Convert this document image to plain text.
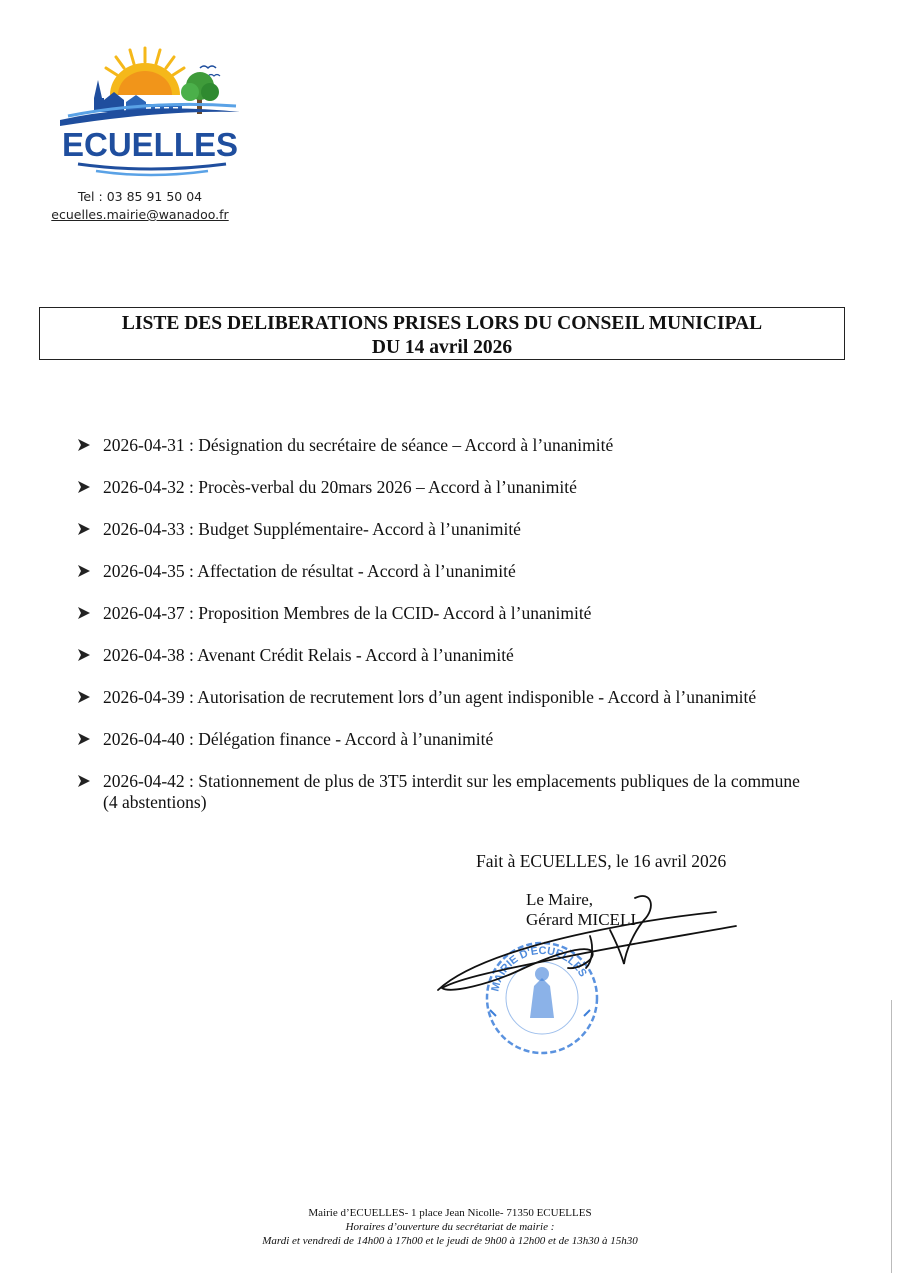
ECUELLES
Tel : 03 85 91 50 04
ecuelles.mairie@wanadoo.fr
LISTE DES DELIBERATIONS PRISES LORS DU CONSEIL MUNICIPAL
DU 14 avril 2026
2026-04-31 : Désignation du secrétaire de séance – Accord à l’unanimité
2026-04-32 : Procès-verbal du 20mars 2026 – Accord à l’unanimité
2026-04-33 : Budget Supplémentaire- Accord à l’unanimité
2026-04-35 : Affectation de résultat - Accord à l’unanimité
2026-04-37 : Proposition Membres de la CCID- Accord à l’unanimité
2026-04-38 : Avenant Crédit Relais - Accord à l’unanimité
2026-04-39 : Autorisation de recrutement lors d’un agent indisponible - Accord à l’unanimité
2026-04-40 : Délégation finance - Accord à l’unanimité
2026-04-42 : Stationnement de plus de 3T5 interdit sur les emplacements publiques de la commune
(4 abstentions)
Fait à ECUELLES, le 16 avril 2026
Le Maire,
Gérard MICELI
MAIRIE D'ECUELLES
Mairie d’ECUELLES- 1 place Jean Nicolle- 71350 ECUELLES
Horaires d’ouverture du secrétariat de mairie :
Mardi et vendredi de 14h00 à 17h00 et le jeudi de 9h00 à 12h00 et de 13h30 à 15h30
